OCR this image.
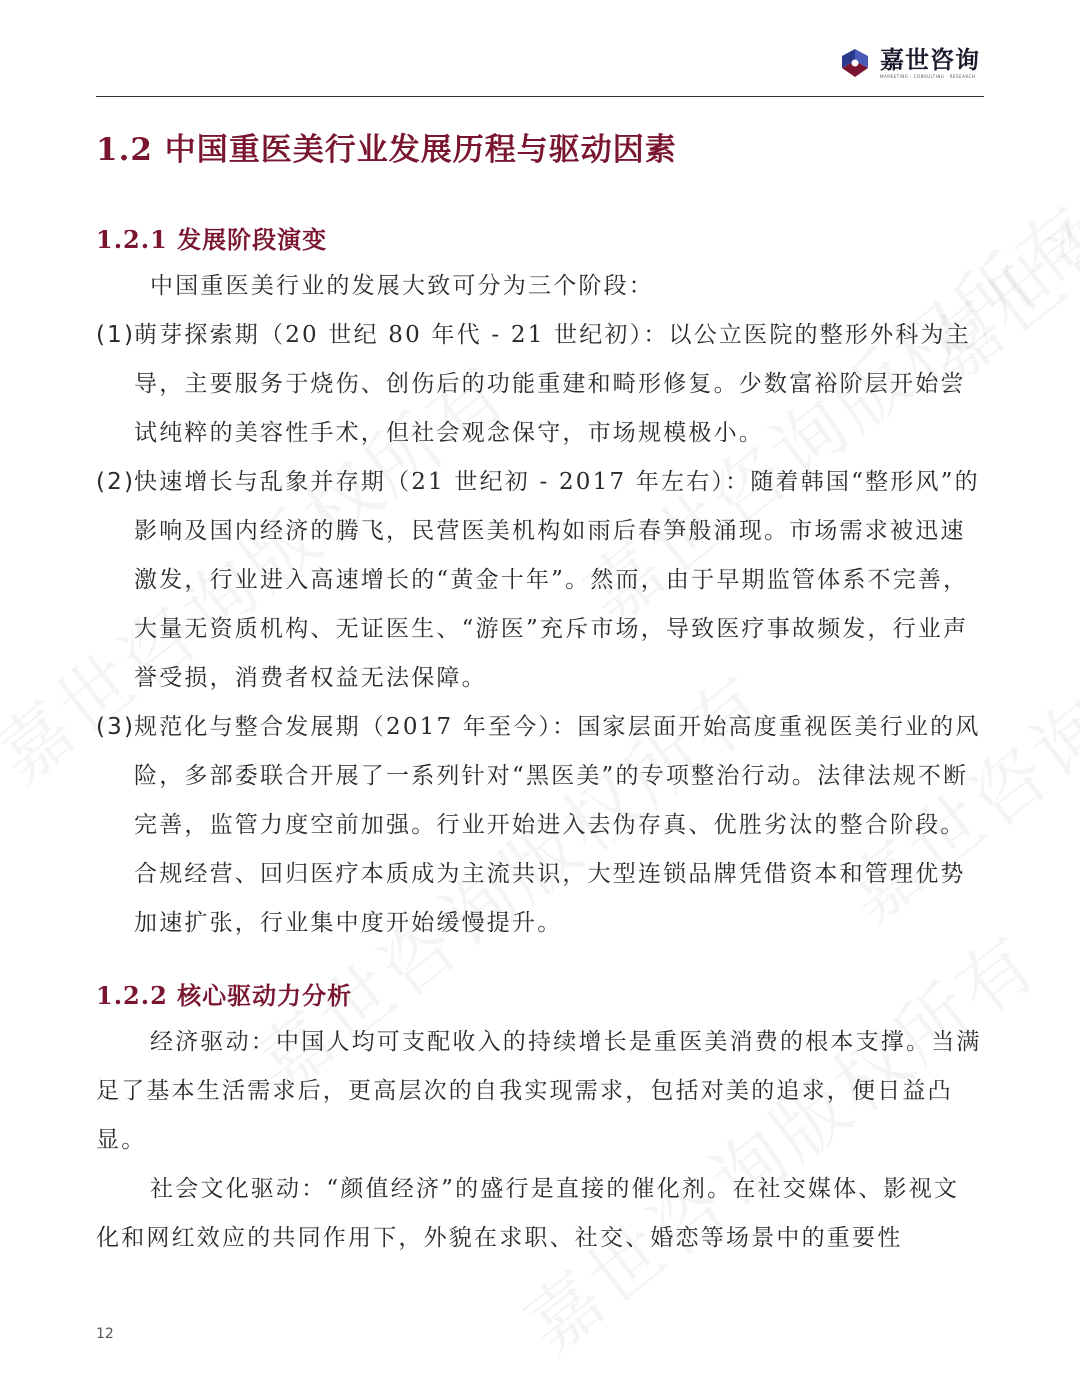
嘉世咨询
MARKETING · CONSULTING · RESEARCH
1.2 中国重医美行业发展历程与驱动因素
1.2.1 发展阶段演变
中国重医美行业的发展大致可分为三个阶段：
(1)
萌芽探索期（20 世纪 80 年代 - 21 世纪初）：以公立医院的整形外科为主导，主要服务于烧伤、创伤后的功能重建和畸形修复。少数富裕阶层开始尝试纯粹的美容性手术，但社会观念保守，市场规模极小。
(2)
快速增长与乱象并存期（21 世纪初 - 2017 年左右）：随着韩国“整形风”的影响及国内经济的腾飞，民营医美机构如雨后春笋般涌现。市场需求被迅速激发，行业进入高速增长的“黄金十年”。然而，由于早期监管体系不完善，大量无资质机构、无证医生、“游医”充斥市场，导致医疗事故频发，行业声誉受损，消费者权益无法保障。
(3)
规范化与整合发展期（2017 年至今）：国家层面开始高度重视医美行业的风险，多部委联合开展了一系列针对“黑医美”的专项整治行动。法律法规不断完善，监管力度空前加强。行业开始进入去伪存真、优胜劣汰的整合阶段。合规经营、回归医疗本质成为主流共识，大型连锁品牌凭借资本和管理优势加速扩张，行业集中度开始缓慢提升。
1.2.2 核心驱动力分析
经济驱动：中国人均可支配收入的持续增长是重医美消费的根本支撑。当满足了基本生活需求后，更高层次的自我实现需求，包括对美的追求，便日益凸显。
社会文化驱动：“颜值经济”的盛行是直接的催化剂。在社交媒体、影视文化和网红效应的共同作用下，外貌在求职、社交、婚恋等场景中的重要性
12
